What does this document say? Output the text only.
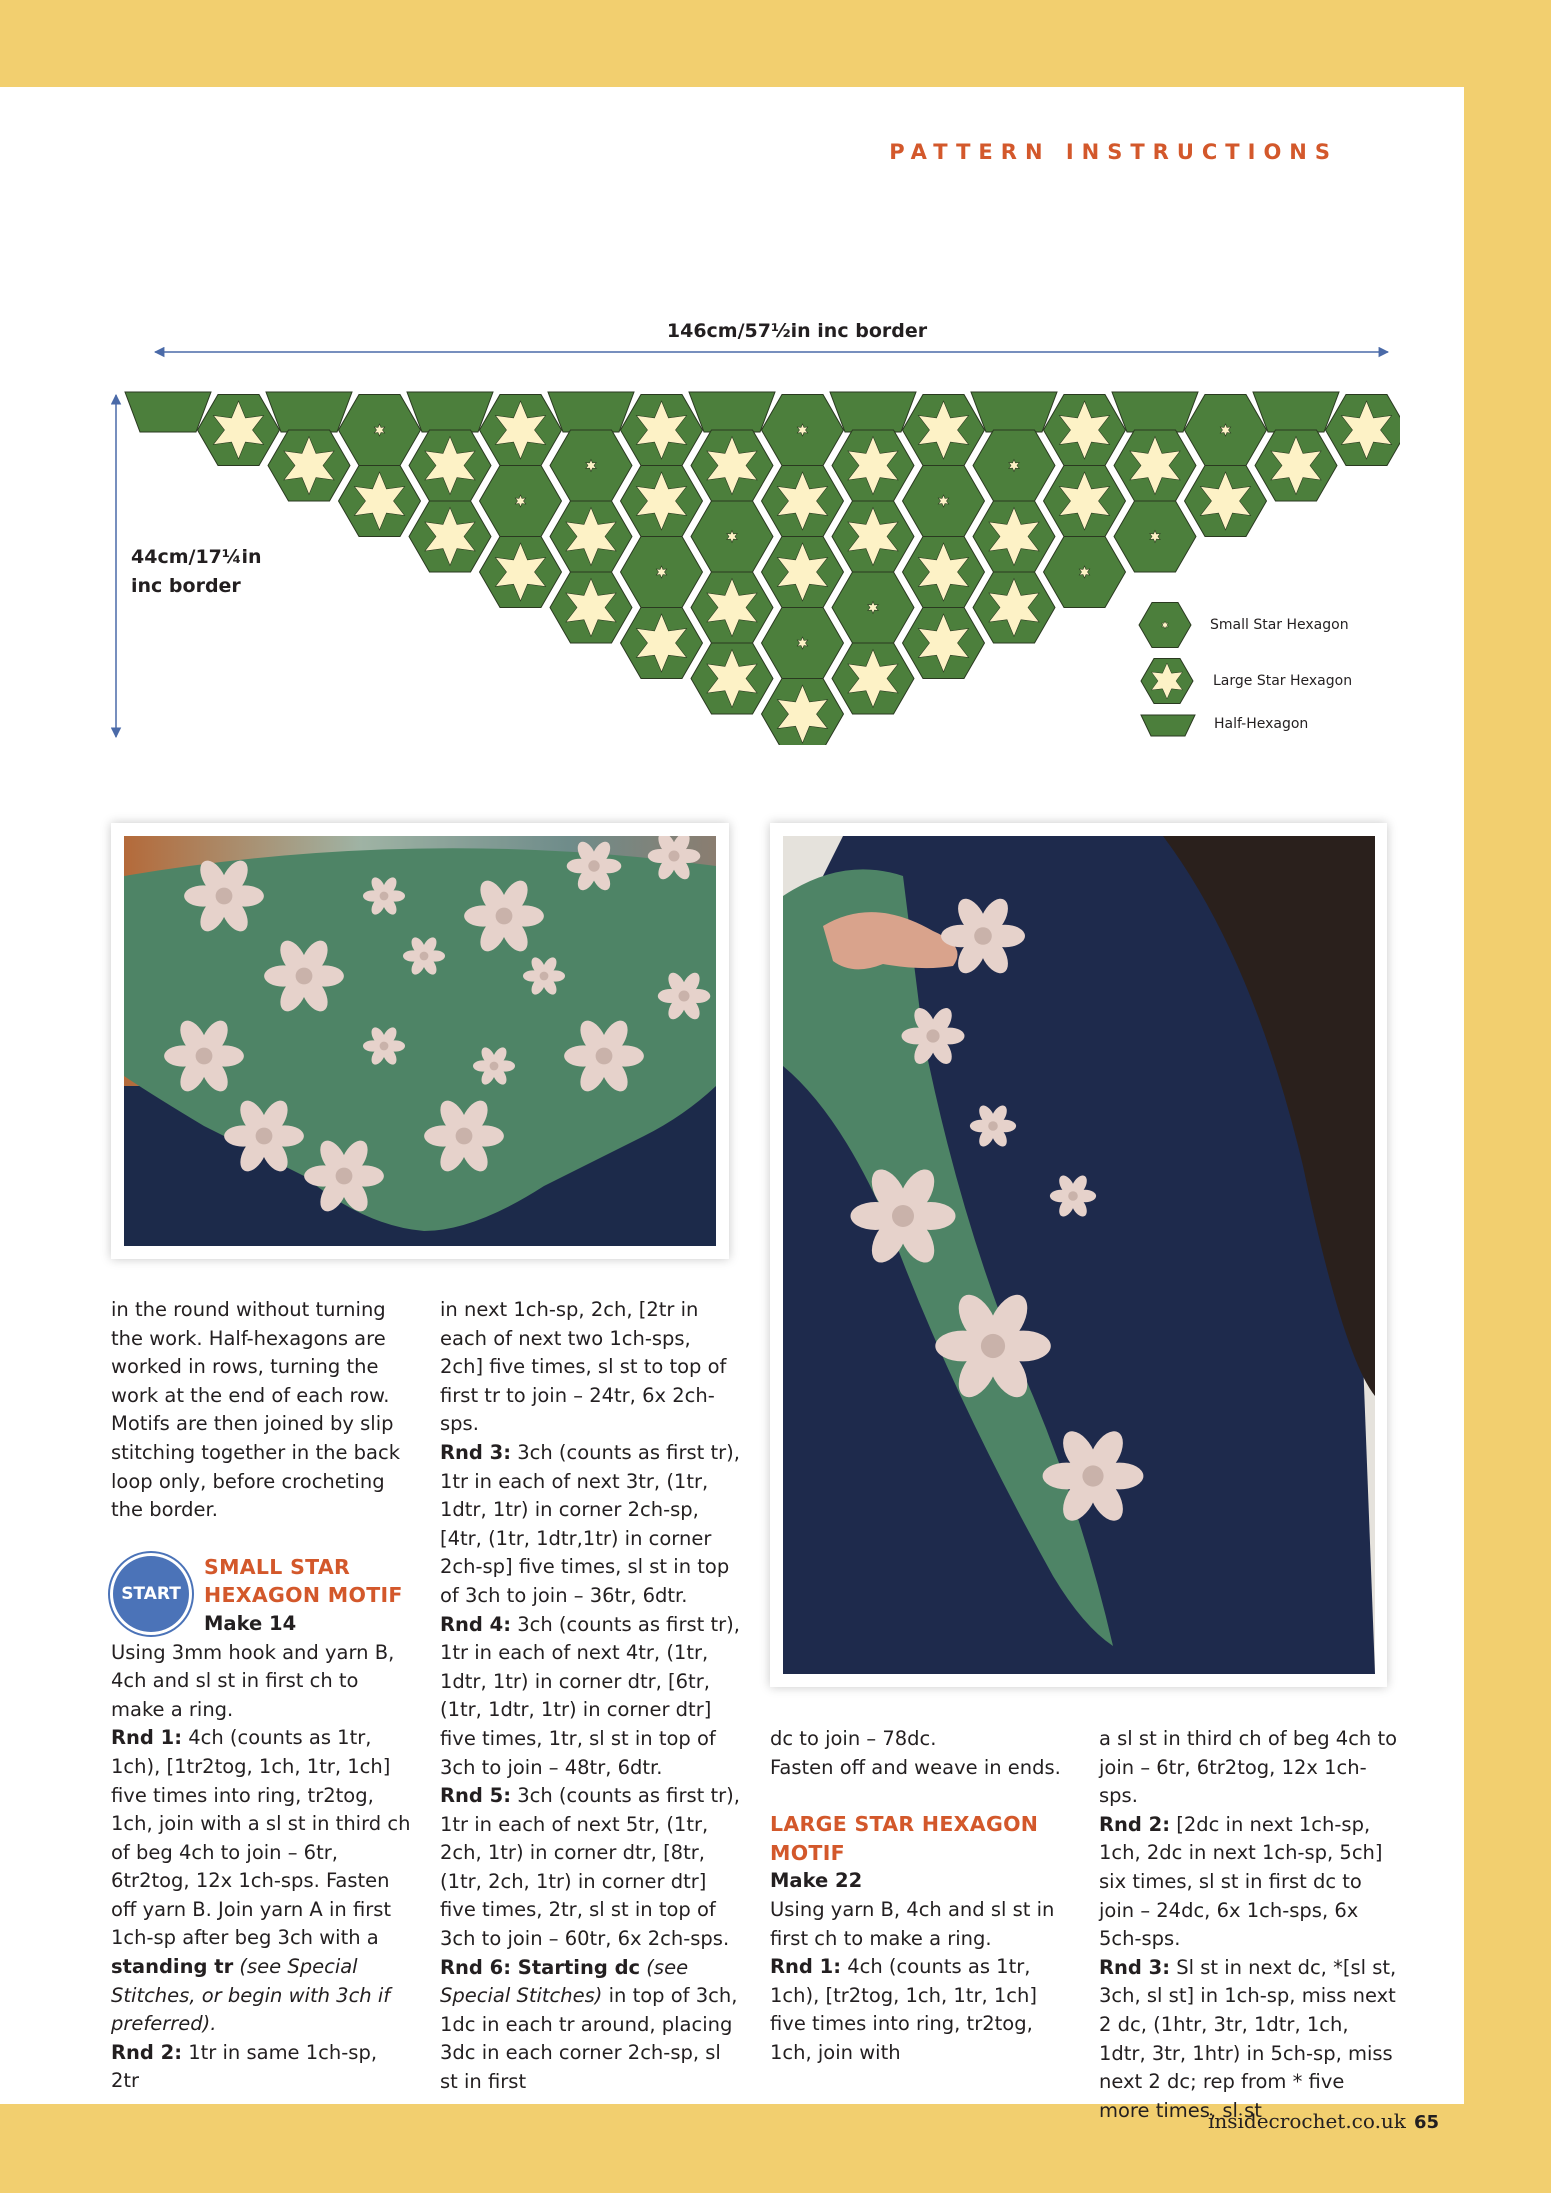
PATTERN INSTRUCTIONS
146cm/57½in inc border
44cm/17¼in
inc border
Small Star Hexagon
Large Star Hexagon
Half-Hexagon
START

in the round without turning the work. Half-hexagons are worked in rows, turning the work at the end of each row. Motifs are then joined by slip stitching together in the back loop only, before crocheting the border.

SMALL STAR
HEXAGON MOTIF
Make 14

Using 3mm hook and yarn B, 4ch and sl st in first ch to make a ring.

Rnd 1: 4ch (counts as 1tr, 1ch), [1tr2tog, 1ch, 1tr, 1ch] five times into ring, tr2tog, 1ch, join with a sl st in third ch of beg 4ch to join – 6tr, 6tr2tog, 12x 1ch-sps. Fasten off yarn B. Join yarn A in first 1ch-sp after beg 3ch with a standing tr (see Special Stitches, or begin with 3ch if preferred).

Rnd 2: 1tr in same 1ch-sp, 2tr

in next 1ch-sp, 2ch, [2tr in each of next two 1ch-sps, 2ch] five times, sl st to top of first tr to join – 24tr, 6x 2ch-sps.

Rnd 3: 3ch (counts as first tr), 1tr in each of next 3tr, (1tr, 1dtr, 1tr) in corner 2ch-sp, [4tr, (1tr, 1dtr,1tr) in corner 2ch-sp] five times, sl st in top of 3ch to join – 36tr, 6dtr.

Rnd 4: 3ch (counts as first tr), 1tr in each of next 4tr, (1tr, 1dtr, 1tr) in corner dtr, [6tr, (1tr, 1dtr, 1tr) in corner dtr] five times, 1tr, sl st in top of 3ch to join – 48tr, 6dtr.

Rnd 5: 3ch (counts as first tr), 1tr in each of next 5tr, (1tr, 2ch, 1tr) in corner dtr, [8tr, (1tr, 2ch, 1tr) in corner dtr] five times, 2tr, sl st in top of 3ch to join – 60tr, 6x 2ch-sps.

Rnd 6: Starting dc (see Special Stitches) in top of 3ch, 1dc in each tr around, placing 3dc in each corner 2ch-sp, sl st in first

dc to join – 78dc.

Fasten off and weave in ends.

LARGE STAR HEXAGON
MOTIF
Make 22

Using yarn B, 4ch and sl st in first ch to make a ring.

Rnd 1: 4ch (counts as 1tr, 1ch), [tr2tog, 1ch, 1tr, 1ch] five times into ring, tr2tog, 1ch, join with

a sl st in third ch of beg 4ch to join – 6tr, 6tr2tog, 12x 1ch-sps.

Rnd 2: [2dc in next 1ch-sp, 1ch, 2dc in next 1ch-sp, 5ch] six times, sl st in first dc to join – 24dc, 6x 1ch-sps, 6x 5ch-sps.

Rnd 3: Sl st in next dc, *[sl st, 3ch, sl st] in 1ch-sp, miss next 2 dc, (1htr, 3tr, 1dtr, 1ch, 1dtr, 3tr, 1htr) in 5ch-sp, miss next 2 dc; rep from * five more times, sl st

insidecrochet.co.uk 65
